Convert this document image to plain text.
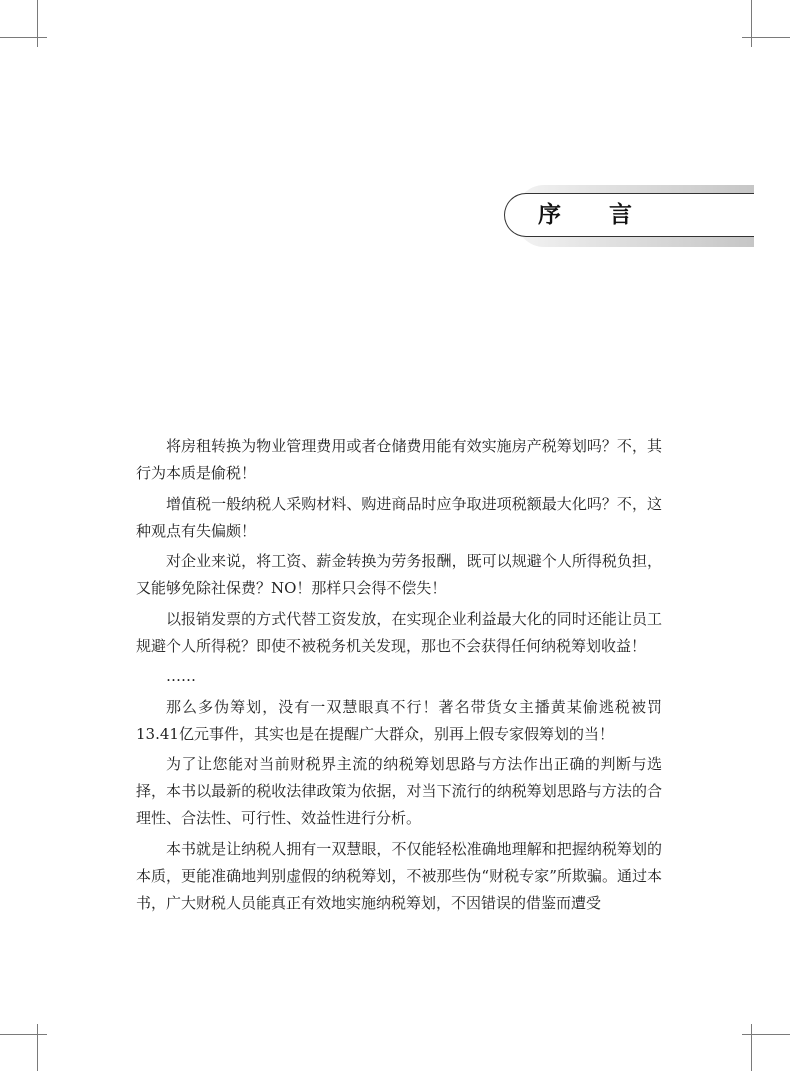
序 言

将房租转换为物业管理费用或者仓储费用能有效实施房产税筹划吗？不，其行为本质是偷税！

增值税一般纳税人采购材料、购进商品时应争取进项税额最大化吗？不，这种观点有失偏颇！

对企业来说，将工资、薪金转换为劳务报酬，既可以规避个人所得税负担，又能够免除社保费？NO！那样只会得不偿失！

以报销发票的方式代替工资发放，在实现企业利益最大化的同时还能让员工规避个人所得税？即使不被税务机关发现，那也不会获得任何纳税筹划收益！

……

那么多伪筹划，没有一双慧眼真不行！著名带货女主播黄某偷逃税被罚13.41亿元事件，其实也是在提醒广大群众，别再上假专家假筹划的当！

为了让您能对当前财税界主流的纳税筹划思路与方法作出正确的判断与选择，本书以最新的税收法律政策为依据，对当下流行的纳税筹划思路与方法的合理性、合法性、可行性、效益性进行分析。

本书就是让纳税人拥有一双慧眼，不仅能轻松准确地理解和把握纳税筹划的本质，更能准确地判别虚假的纳税筹划，不被那些伪“财税专家”所欺骗。通过本书，广大财税人员能真正有效地实施纳税筹划，不因错误的借鉴而遭受
